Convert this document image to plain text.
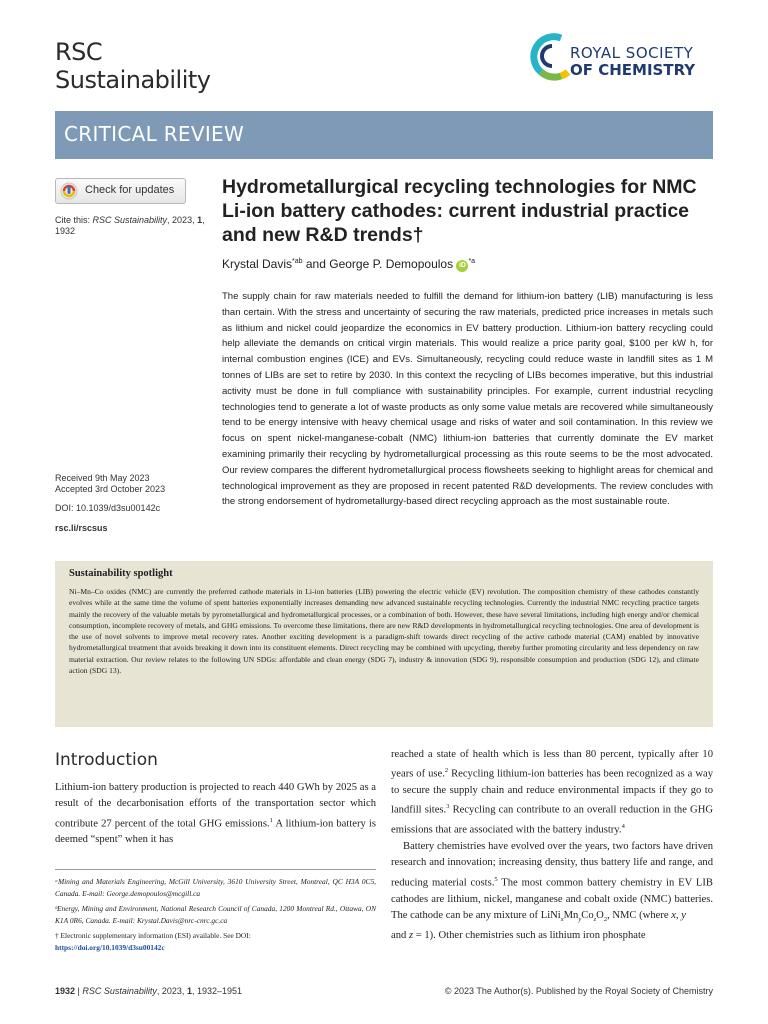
RSC
Sustainability
ROYAL SOCIETY
OF CHEMISTRY
CRITICAL REVIEW
Check for updates
Cite this: RSC Sustainability, 2023, 1, 1932
Received 9th May 2023
Accepted 3rd October 2023
DOI: 10.1039/d3su00142c
rsc.li/rscsus
Hydrometallurgical recycling technologies for NMC Li-ion battery cathodes: current industrial practice and new R&D trends†
Krystal Davis$^{*ab}$ and George P. Demopoulos $iD^{*a}$
The supply chain for raw materials needed to fulfill the demand for lithium-ion battery (LIB) manufacturing is less than certain. With the stress and uncertainty of securing the raw materials, predicted price increases in metals such as lithium and nickel could jeopardize the economics in EV battery production. Lithium-ion battery recycling could help alleviate the demands on critical virgin materials. This would realize a price parity goal, $100 per kW h, for internal combustion engines (ICE) and EVs. Simultaneously, recycling could reduce waste in landfill sites as 1 M tonnes of LIBs are set to retire by 2030. In this context the recycling of LIBs becomes imperative, but this industrial activity must be done in full compliance with sustainability principles. For example, current industrial recycling technologies tend to generate a lot of waste products as only some value metals are recovered while simultaneously tend to be energy intensive with heavy chemical usage and risks of water and soil contamination. In this review we focus on spent nickel-manganese-cobalt (NMC) lithium-ion batteries that currently dominate the EV market examining primarily their recycling by hydrometallurgical processing as this route seems to be the most advocated. Our review compares the different hydrometallurgical process flowsheets seeking to highlight areas for chemical and technological improvement as they are proposed in recent patented R&D developments. The review concludes with the strong endorsement of hydrometallurgy-based direct recycling approach as the most sustainable route.
Sustainability spotlight
Ni–Mn–Co oxides (NMC) are currently the preferred cathode materials in Li-ion batteries (LIB) powering the electric vehicle (EV) revolution. The composition chemistry of these cathodes constantly evolves while at the same time the volume of spent batteries exponentially increases demanding new advanced sustainable recycling technologies. Currently the industrial NMC recycling practice targets mainly the recovery of the valuable metals by pyrometallurgical and hydrometallurgical processes, or a combination of both. However, these have several limitations, including high energy and/or chemical consumption, incomplete recovery of metals, and GHG emissions. To overcome these limitations, there are new R&D developments in hydrometallurgical recycling technologies. One area of development is the use of novel solvents to improve metal recovery rates. Another exciting development is a paradigm-shift towards direct recycling of the active cathode material (CAM) enabled by innovative hydrometallurgical treatment that avoids breaking it down into its constituent elements. Direct recycling may be combined with upcycling, thereby further promoting circularity and less dependency on raw material extraction. Our review relates to the following UN SDGs: affordable and clean energy (SDG 7), industry & innovation (SDG 9), responsible consumption and production (SDG 12), and climate action (SDG 13).
Introduction
Lithium-ion battery production is projected to reach 440 GWh by 2025 as a result of the decarbonisation efforts of the transportation sector which contribute 27 percent of the total GHG emissions.$^1$ A lithium-ion battery is deemed “spent” when it has

reached a state of health which is less than 80 percent, typically after 10 years of use.$^2$ Recycling lithium-ion batteries has been recognized as a way to secure the supply chain and reduce environmental impacts if they go to landfill sites.$^3$ Recycling can contribute to an overall reduction in the GHG emissions that are associated with the battery industry.$^4$

Battery chemistries have evolved over the years, two factors have driven research and innovation; increasing density, thus battery life and range, and reducing material costs.$^5$ The most common battery chemistry in EV LIB cathodes are lithium, nickel, manganese and cobalt oxide (NMC) batteries. The cathode can be any mixture of $LiNi_xMn_yCo_zO_2$, NMC (where x, y
and z = 1). Other chemistries such as lithium iron phosphate

ᵃMining and Materials Engineering, McGill University, 3610 University Street, Montreal, QC H3A 0C5, Canada. E-mail: George.demopoulos@mcgill.ca

ᵇEnergy, Mining and Environment, National Research Council of Canada, 1200 Montreal Rd., Ottawa, ON K1A 0R6, Canada. E-mail: Krystal.Davis@nrc-cnrc.gc.ca

† Electronic supplementary information (ESI) available. See DOI:
https://doi.org/10.1039/d3su00142c

1932 | RSC Sustainability, 2023, 1, 1932–1951	© 2023 The Author(s). Published by the Royal Society of Chemistry
